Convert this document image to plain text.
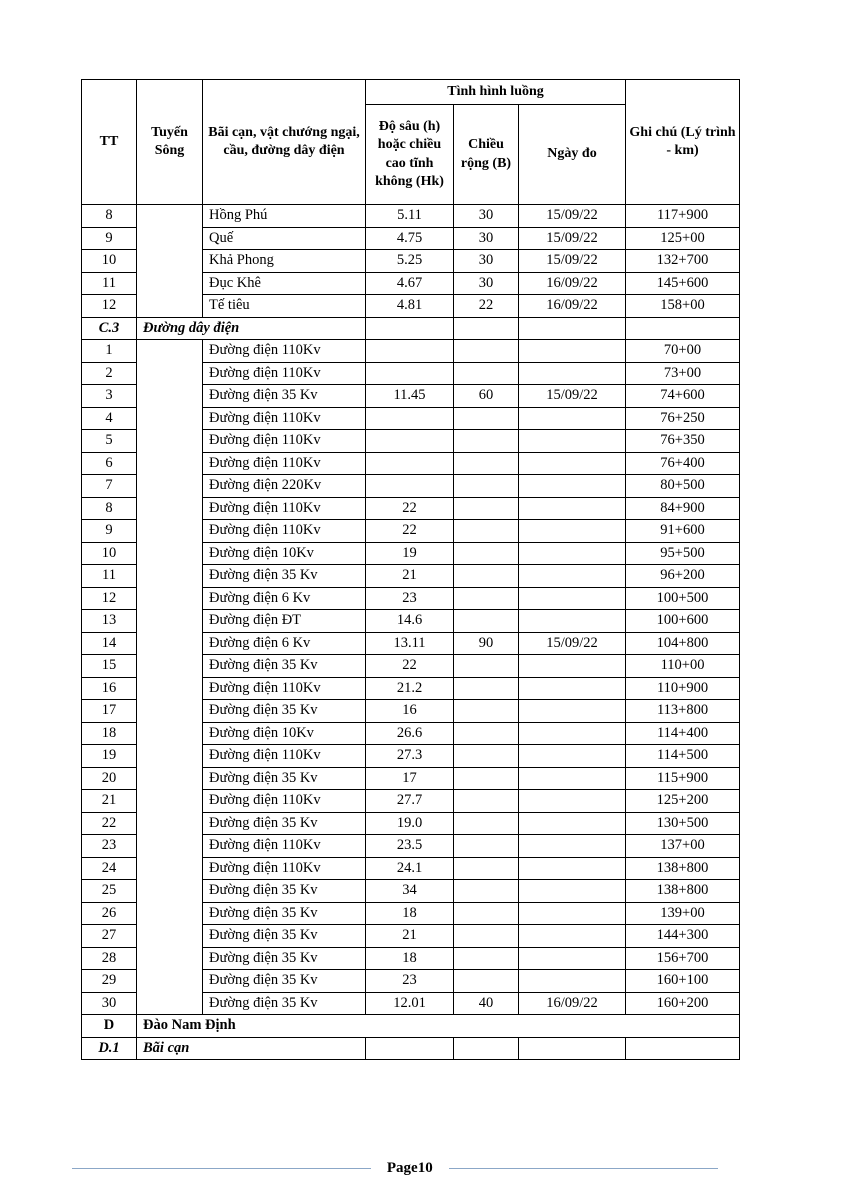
TT	Tuyến Sông	Bãi cạn, vật chướng ngại, cầu, đường dây điện	Tình hình luồng			Ghi chú (Lý trình - km)
			Độ sâu (h) hoặc chiều cao tĩnh không (Hk)	Chiều rộng (B)	Ngày đo	
8		Hồng Phú	5.11	30	15/09/22	117+900
9		Quế	4.75	30	15/09/22	125+00
10		Khả Phong	5.25	30	15/09/22	132+700
11		Đục Khê	4.67	30	16/09/22	145+600
12		Tế tiêu	4.81	22	16/09/22	158+00
C.3	Đường dây điện					
1		Đường điện 110Kv				70+00
2		Đường điện 110Kv				73+00
3		Đường điện 35 Kv	11.45	60	15/09/22	74+600
4		Đường điện 110Kv				76+250
5		Đường điện 110Kv				76+350
6		Đường điện 110Kv				76+400
7		Đường điện 220Kv				80+500
8		Đường điện 110Kv	22			84+900
9		Đường điện 110Kv	22			91+600
10		Đường điện 10Kv	19			95+500
11		Đường điện 35 Kv	21			96+200
12		Đường điện 6 Kv	23			100+500
13		Đường điện ĐT	14.6			100+600
14		Đường điện 6 Kv	13.11	90	15/09/22	104+800
15		Đường điện 35 Kv	22			110+00
16		Đường điện 110Kv	21.2			110+900
17		Đường điện 35 Kv	16			113+800
18		Đường điện 10Kv	26.6			114+400
19		Đường điện 110Kv	27.3			114+500
20		Đường điện 35 Kv	17			115+900
21		Đường điện 110Kv	27.7			125+200
22		Đường điện 35 Kv	19.0			130+500
23		Đường điện 110Kv	23.5			137+00
24		Đường điện 110Kv	24.1			138+800
25		Đường điện 35 Kv	34			138+800
26		Đường điện 35 Kv	18			139+00
27		Đường điện 35 Kv	21			144+300
28		Đường điện 35 Kv	18			156+700
29		Đường điện 35 Kv	23			160+100
30		Đường điện 35 Kv	12.01	40	16/09/22	160+200
D	Đào Nam Định					
D.1	Bãi cạn					
Page10
